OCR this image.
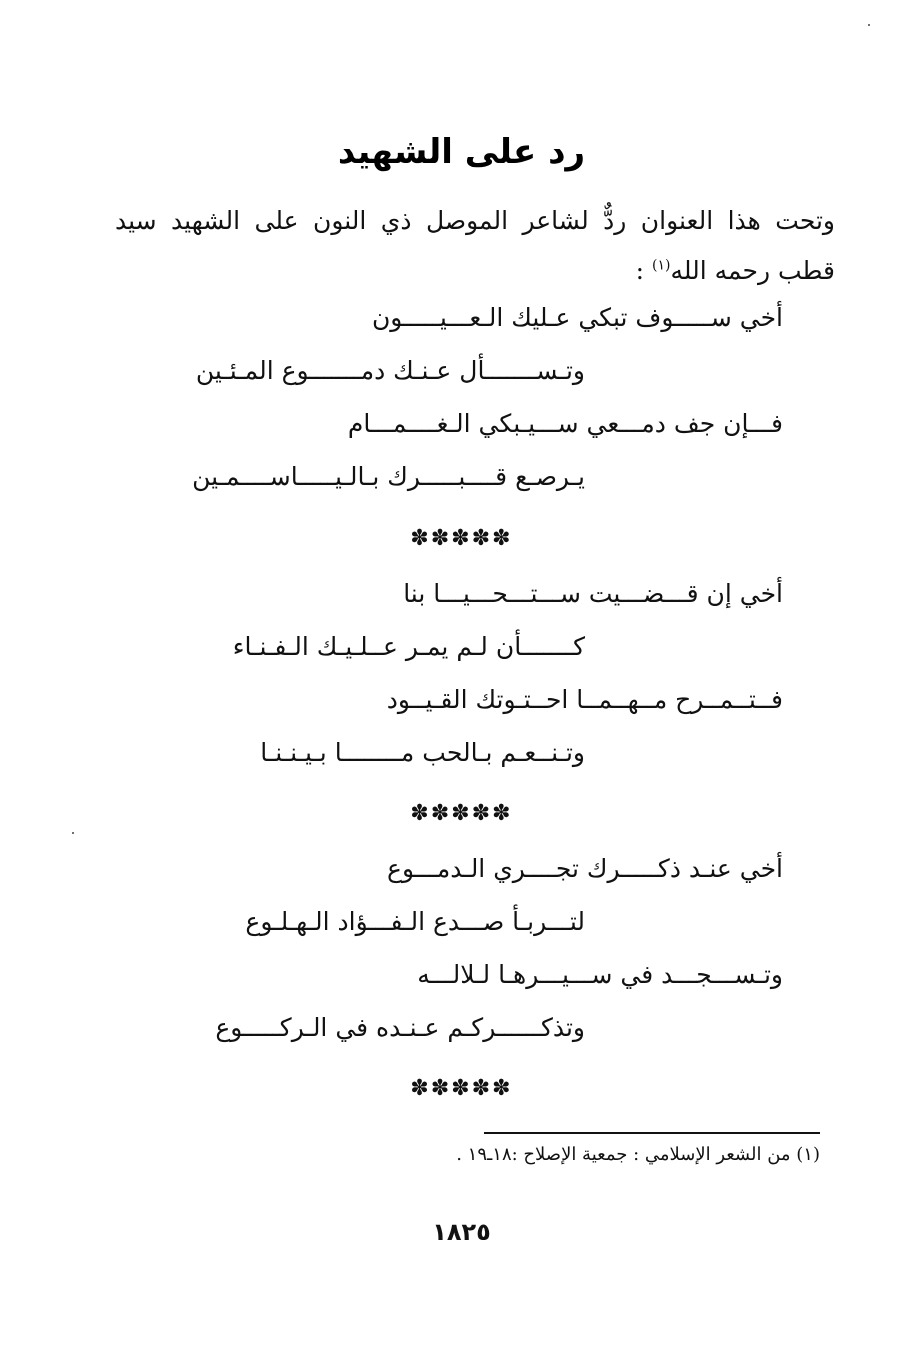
رد على الشهيد

وتحت هذا العنوان ردٌّ لشاعر الموصل ذي النون على الشهيد سيد قطب رحمه الله$^{(١)}$ :

أخي ســـــوف تبكي عـليك الـعـــيـــــون
وتـســـــــأل عـنـك دمـــــــوع المـئـين
فـــإن جف دمـــعي ســـيـبكي الـغــــمـــام
يـرصـع قــــبـــــرك بـالـيـــــاســــمـين

✽✽✽✽✽

أخي إن قـــضـــيت ســـتـــحـــيـــا بنا
كـــــــأن لـم يمـر عــلـيـك الـفـنـاء
فــتــمــرح مــهــمــا احــتـوتك القـيــود
وتـنــعـم بـالحب مــــــــا بـيـنـنـا

✽✽✽✽✽

أخي عنـد ذكـــــرك تجــــري الـدمـــوع
لتـــربـأ صـــدع الـفـــؤاد الـهـلـوع
وتـســـجـــد في ســـيـــرهـا لـلالـــه
وتذكــــــركـم عـنـده في الـركـــــوع

✽✽✽✽✽

(١) من الشعر الإسلامي : جمعية الإصلاح :١٨ـ١٩ .

١٨٢٥
